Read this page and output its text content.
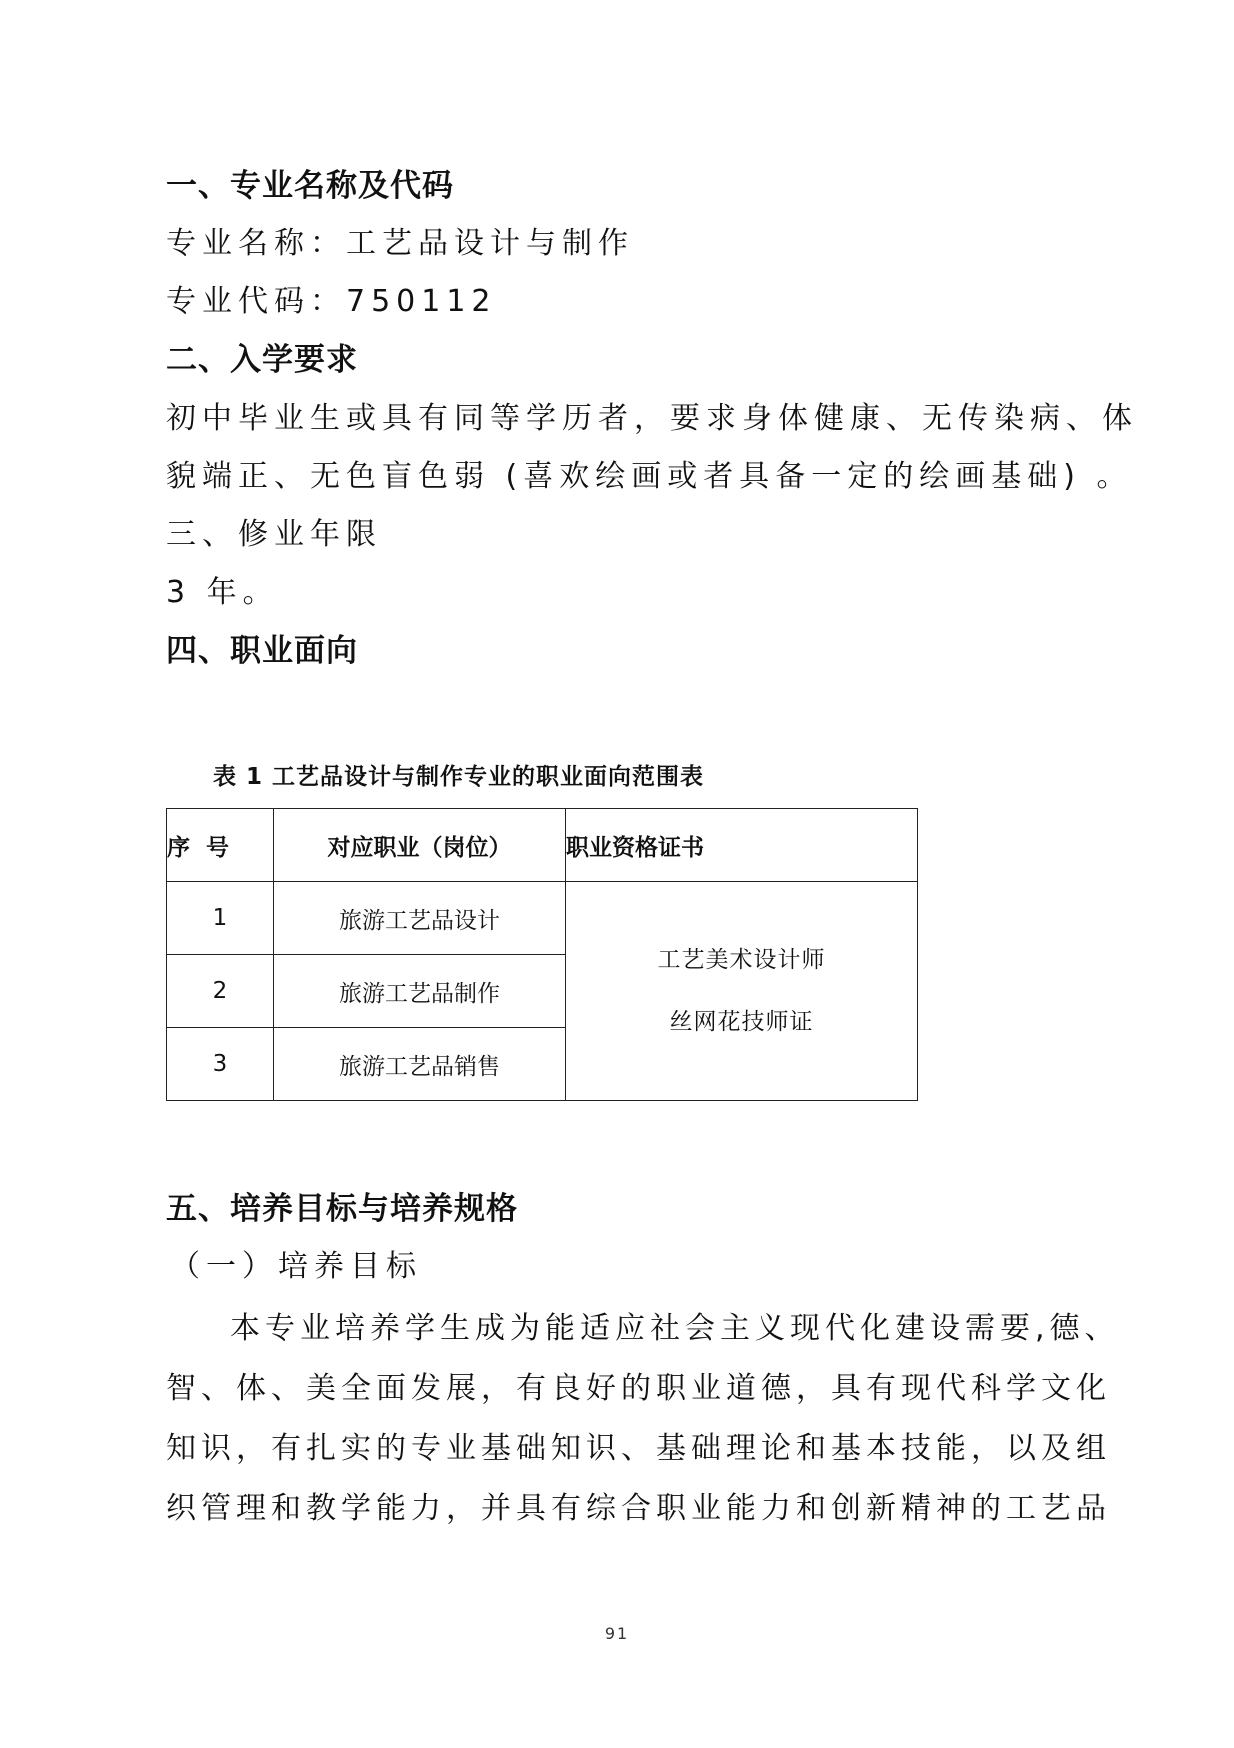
一、专业名称及代码
专业名称：工艺品设计与制作
专业代码：750112
二、入学要求
初中毕业生或具有同等学历者，要求身体健康、无传染病、体
貌端正、无色盲色弱 (喜欢绘画或者具备一定的绘画基础) 。
三、修业年限
3 年。
四、职业面向
表 1 工艺品设计与制作专业的职业面向范围表
序 号	对应职业（岗位）	职业资格证书
1	旅游工艺品设计	工艺美术设计师
丝网花技师证

2	旅游工艺品制作	
3	旅游工艺品销售	
五、培养目标与培养规格
（一）培养目标
本专业培养学生成为能适应社会主义现代化建设需要,德、
智、体、美全面发展，有良好的职业道德，具有现代科学文化
知识，有扎实的专业基础知识、基础理论和基本技能，以及组
织管理和教学能力，并具有综合职业能力和创新精神的工艺品
91
